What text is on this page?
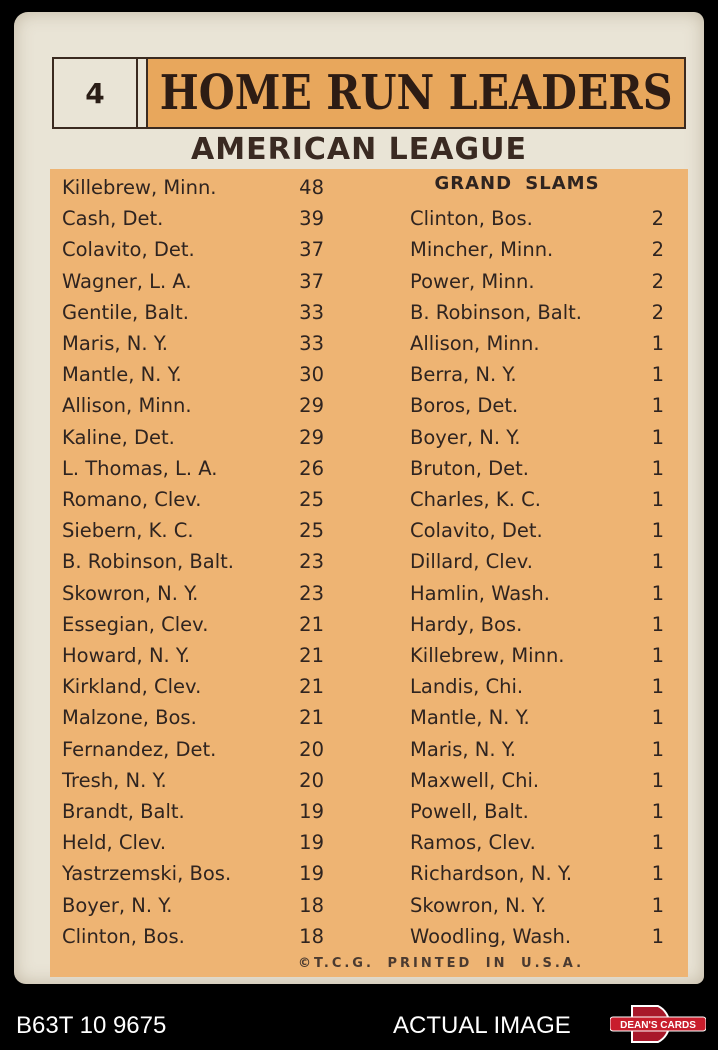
4	HOME RUN LEADERS
AMERICAN LEAGUE
GRAND SLAMS
Killebrew, Minn.	48
Cash, Det.	39
Colavito, Det.	37
Wagner, L. A.	37
Gentile, Balt.	33
Maris, N. Y.	33
Mantle, N. Y.	30
Allison, Minn.	29
Kaline, Det.	29
L. Thomas, L. A.	26
Romano, Clev.	25
Siebern, K. C.	25
B. Robinson, Balt.	23
Skowron, N. Y.	23
Essegian, Clev.	21
Howard, N. Y.	21
Kirkland, Clev.	21
Malzone, Bos.	21
Fernandez, Det.	20
Tresh, N. Y.	20
Brandt, Balt.	19
Held, Clev.	19
Yastrzemski, Bos.	19
Boyer, N. Y.	18
Clinton, Bos.	18
Clinton, Bos.	2
Mincher, Minn.	2
Power, Minn.	2
B. Robinson, Balt.	2
Allison, Minn.	1
Berra, N. Y.	1
Boros, Det.	1
Boyer, N. Y.	1
Bruton, Det.	1
Charles, K. C.	1
Colavito, Det.	1
Dillard, Clev.	1
Hamlin, Wash.	1
Hardy, Bos.	1
Killebrew, Minn.	1
Landis, Chi.	1
Mantle, N. Y.	1
Maris, N. Y.	1
Maxwell, Chi.	1
Powell, Balt.	1
Ramos, Clev.	1
Richardson, N. Y.	1
Skowron, N. Y.	1
Woodling, Wash.	1
©T.C.G. PRINTED IN U.S.A.
B63T 10 9675	ACTUAL IMAGE	DEAN'S CARDS
